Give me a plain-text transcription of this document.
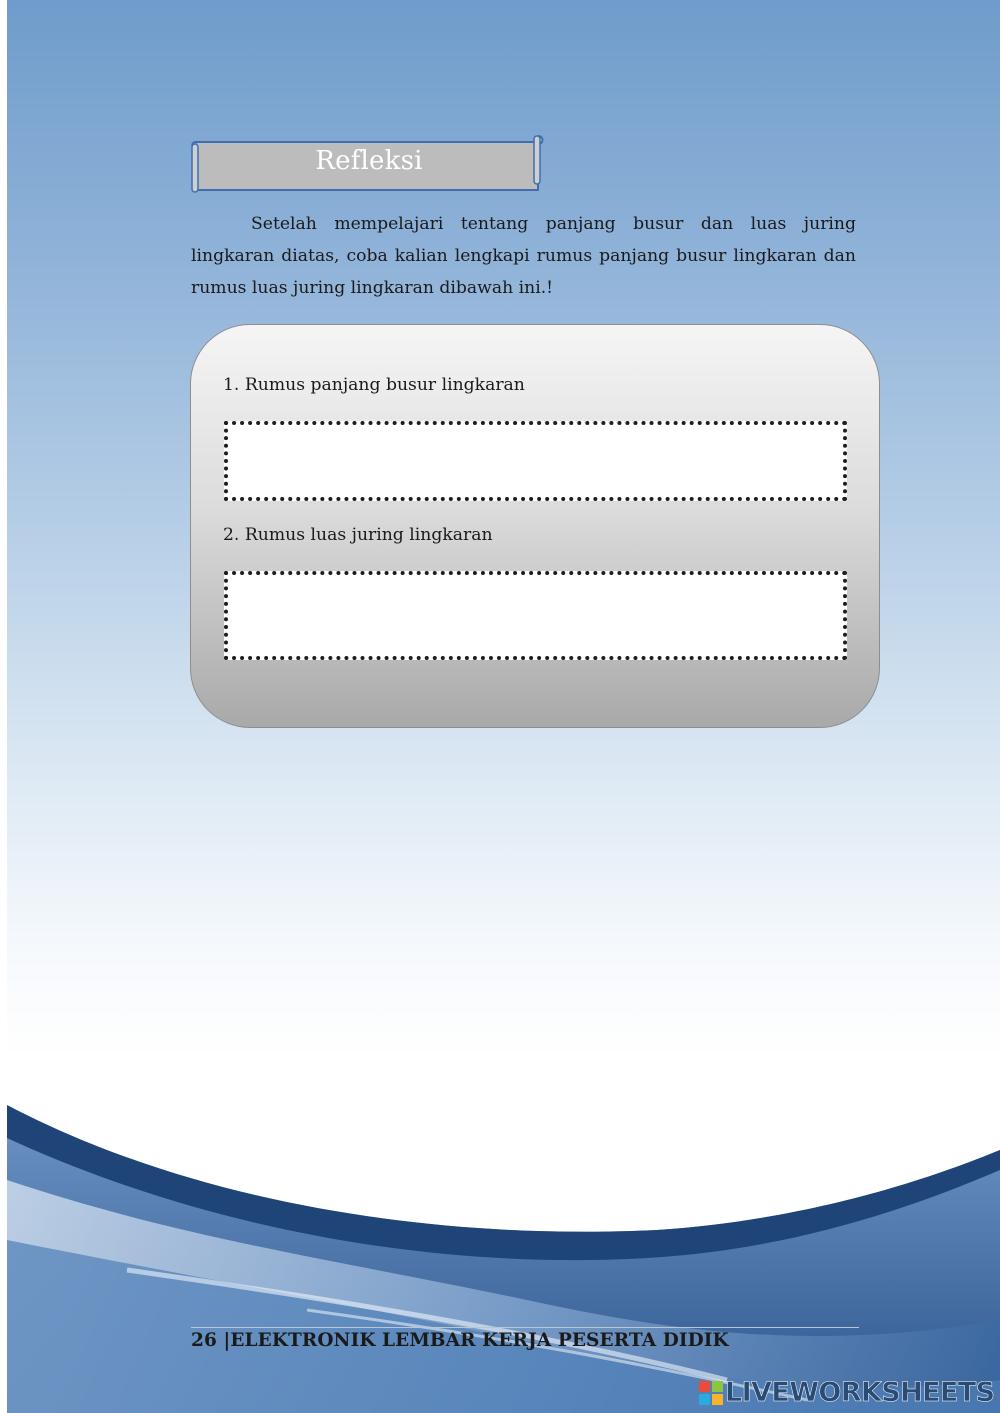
Refleksi
Setelah mempelajari tentang panjang busur dan luas juring lingkaran diatas, coba kalian lengkapi rumus panjang busur lingkaran dan rumus luas juring lingkaran dibawah ini.!
1. Rumus panjang busur lingkaran
2. Rumus luas juring lingkaran
26 |ELEKTRONIK LEMBAR KERJA PESERTA DIDIK
LIVEWORKSHEETS
